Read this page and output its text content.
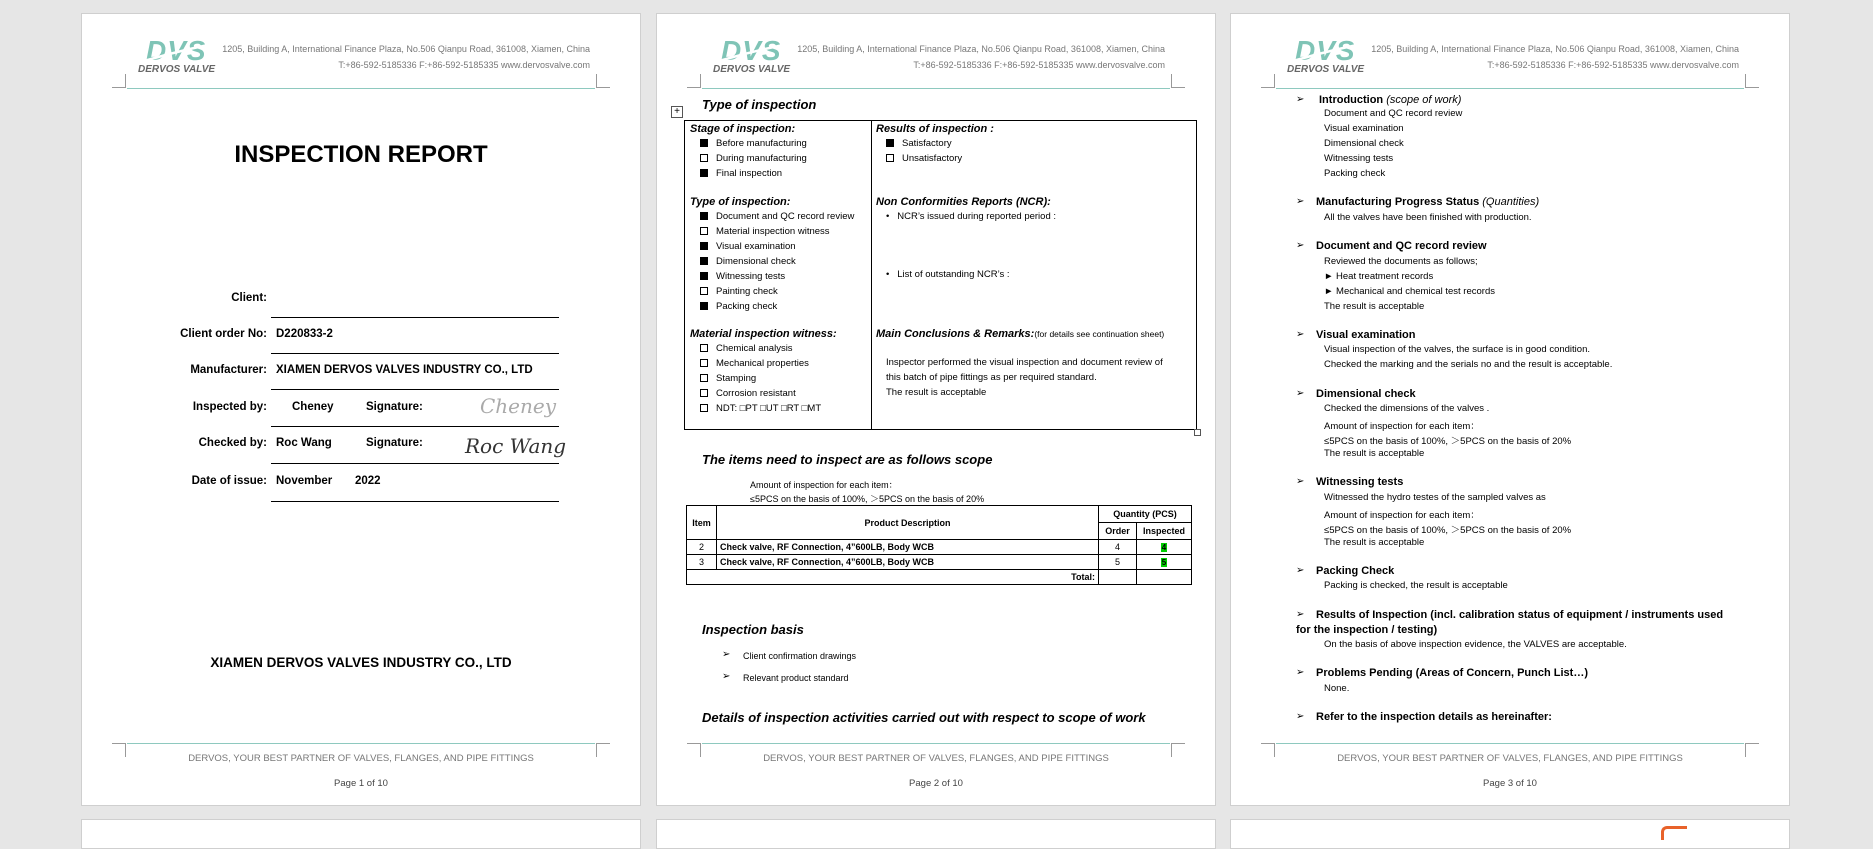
DVS
DERVOS VALVE
1205, Building A, International Finance Plaza, No.506 Qianpu Road, 361008, Xiamen, China
T:+86-592-5185336 F:+86-592-5185335 www.dervosvalve.com
INSPECTION REPORT
Client:
Client order No: D220833-2
Manufacturer: XIAMEN DERVOS VALVES INDUSTRY CO., LTD
Inspected by: Cheney	Signature:	Cheney
Checked by: Roc Wang	Signature: Roc Wang
Date of issue: November 2022
XIAMEN DERVOS VALVES INDUSTRY CO., LTD
DERVOS, YOUR BEST PARTNER OF VALVES, FLANGES, AND PIPE FITTINGS
Page 1 of 10
DVS
DERVOS VALVE
1205, Building A, International Finance Plaza, No.506 Qianpu Road, 361008, Xiamen, China
T:+86-592-5185336 F:+86-592-5185335 www.dervosvalve.com
Type of inspection
+
Stage of inspection:
Before manufacturing
During manufacturing
Final inspection
Type of inspection:
Document and QC record review
Material inspection witness
Visual examination
Dimensional check
Witnessing tests
Painting check
Packing check
Material inspection witness:
Chemical analysis
Mechanical properties
Stamping
Corrosion resistant
NDT: □PT □UT □RT □MT
Results of inspection :
Satisfactory
Unsatisfactory
Non Conformities Reports (NCR):
•   NCR’s issued during reported period :
•   List of outstanding NCR’s :
Main Conclusions & Remarks:(for details see continuation sheet)
Inspector performed the visual inspection and document review of
this batch of pipe fittings as per required standard.
The result is acceptable
The items need to inspect are as follows scope
Amount of inspection for each item：
≤5PCS on the basis of 100%, ＞5PCS on the basis of 20%
Item	Product Description	Quantity (PCS)	
		Order	Inspected
2	Check valve, RF Connection, 4”600LB, Body WCB	4	4
3	Check valve, RF Connection, 4”600LB, Body WCB	5	5
Total:			
Inspection basis
➢ Client confirmation drawings
➢ Relevant product standard
Details of inspection activities carried out with respect to scope of work
DERVOS, YOUR BEST PARTNER OF VALVES, FLANGES, AND PIPE FITTINGS
Page 2 of 10
DVS
DERVOS VALVE
1205, Building A, International Finance Plaza, No.506 Qianpu Road, 361008, Xiamen, China
T:+86-592-5185336 F:+86-592-5185335 www.dervosvalve.com
➢ Introduction (scope of work)
Document and QC record review
Visual examination
Dimensional check
Witnessing tests
Packing check
➢ Manufacturing Progress Status (Quantities)
All the valves have been finished with production.
➢ Document and QC record review
Reviewed the documents as follows;
► Heat treatment records
► Mechanical and chemical test records
The result is acceptable
➢ Visual examination
Visual inspection of the valves, the surface is in good condition.
Checked the marking and the serials no and the result is acceptable.
➢ Dimensional check
Checked the dimensions of the valves .
Amount of inspection for each item：
≤5PCS on the basis of 100%, ＞5PCS on the basis of 20%
The result is acceptable
➢ Witnessing tests
Witnessed the hydro testes of the sampled valves as
Amount of inspection for each item：
≤5PCS on the basis of 100%, ＞5PCS on the basis of 20%
The result is acceptable
➢ Packing Check
Packing is checked, the result is acceptable
➢ Results of Inspection (incl. calibration status of equipment / instruments used
for the inspection / testing)
On the basis of above inspection evidence, the VALVES are acceptable.
➢ Problems Pending (Areas of Concern, Punch List…)
None.
➢ Refer to the inspection details as hereinafter:
DERVOS, YOUR BEST PARTNER OF VALVES, FLANGES, AND PIPE FITTINGS
Page 3 of 10
